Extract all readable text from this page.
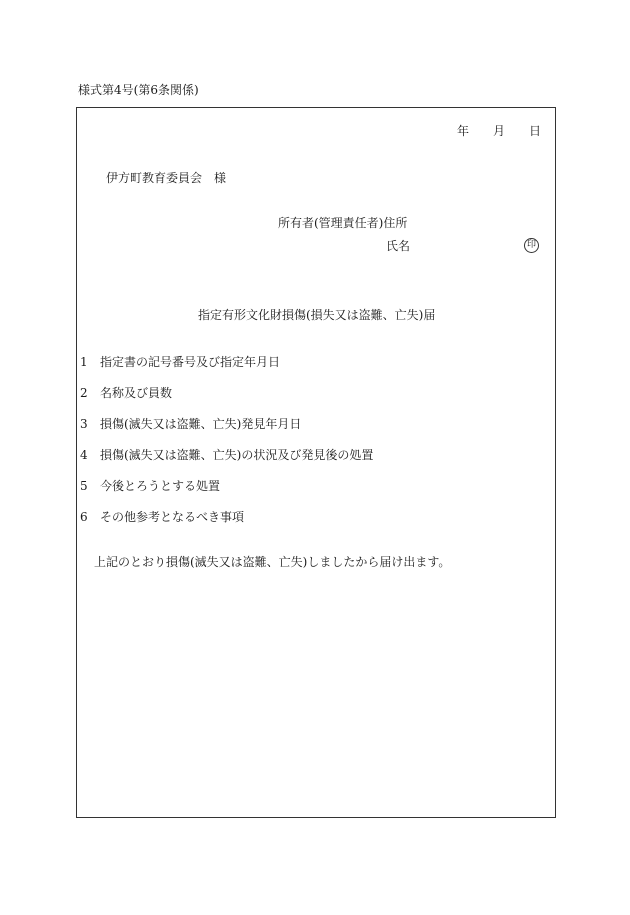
様式第4号(第6条関係)
年 月 日
伊方町教育委員会　様
所有者(管理責任者)住所
氏名	印
指定有形文化財損傷(損失又は盗難、亡失)届
1 指定書の記号番号及び指定年月日
2 名称及び員数
3 損傷(滅失又は盗難、亡失)発見年月日
4 損傷(滅失又は盗難、亡失)の状況及び発見後の処置
5 今後とろうとする処置
6 その他参考となるべき事項
上記のとおり損傷(滅失又は盗難、亡失)しましたから届け出ます。
